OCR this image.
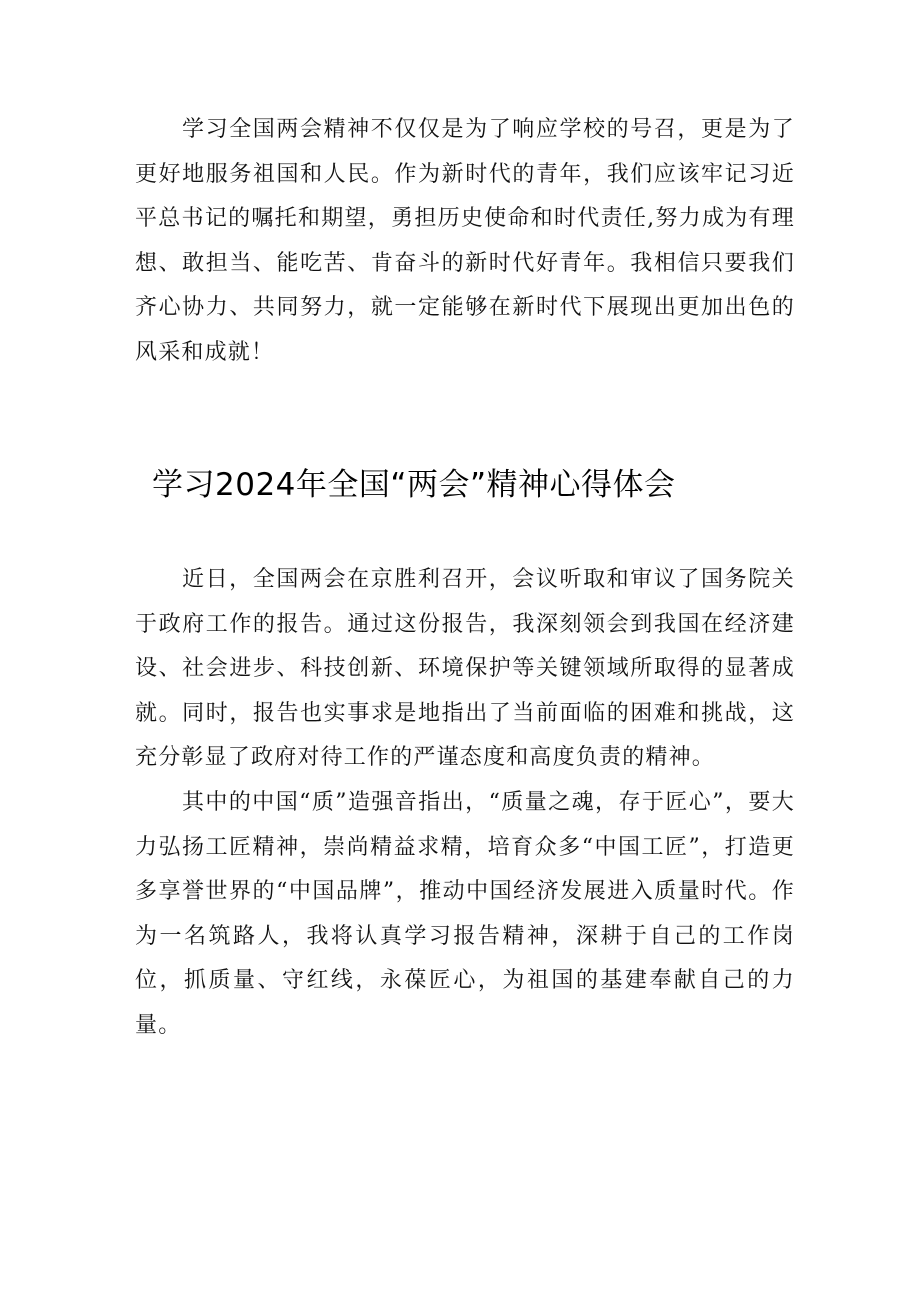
学习全国两会精神不仅仅是为了响应学校的号召，更是为了更好地服务祖国和人民。作为新时代的青年，我们应该牢记习近平总书记的嘱托和期望，勇担历史使命和时代责任,努力成为有理想、敢担当、能吃苦、肯奋斗的新时代好青年。我相信只要我们齐心协力、共同努力，就一定能够在新时代下展现出更加出色的风采和成就！

学习2024年全国“两会”精神心得体会

近日，全国两会在京胜利召开，会议听取和审议了国务院关于政府工作的报告。通过这份报告，我深刻领会到我国在经济建设、社会进步、科技创新、环境保护等关键领域所取得的显著成就。同时，报告也实事求是地指出了当前面临的困难和挑战，这充分彰显了政府对待工作的严谨态度和高度负责的精神。

其中的中国“质”造强音指出，“质量之魂，存于匠心”，要大力弘扬工匠精神，崇尚精益求精，培育众多“中国工匠”，打造更多享誉世界的“中国品牌”，推动中国经济发展进入质量时代。作为一名筑路人，我将认真学习报告精神，深耕于自己的工作岗位，抓质量、守红线，永葆匠心，为祖国的基建奉献自己的力量。
